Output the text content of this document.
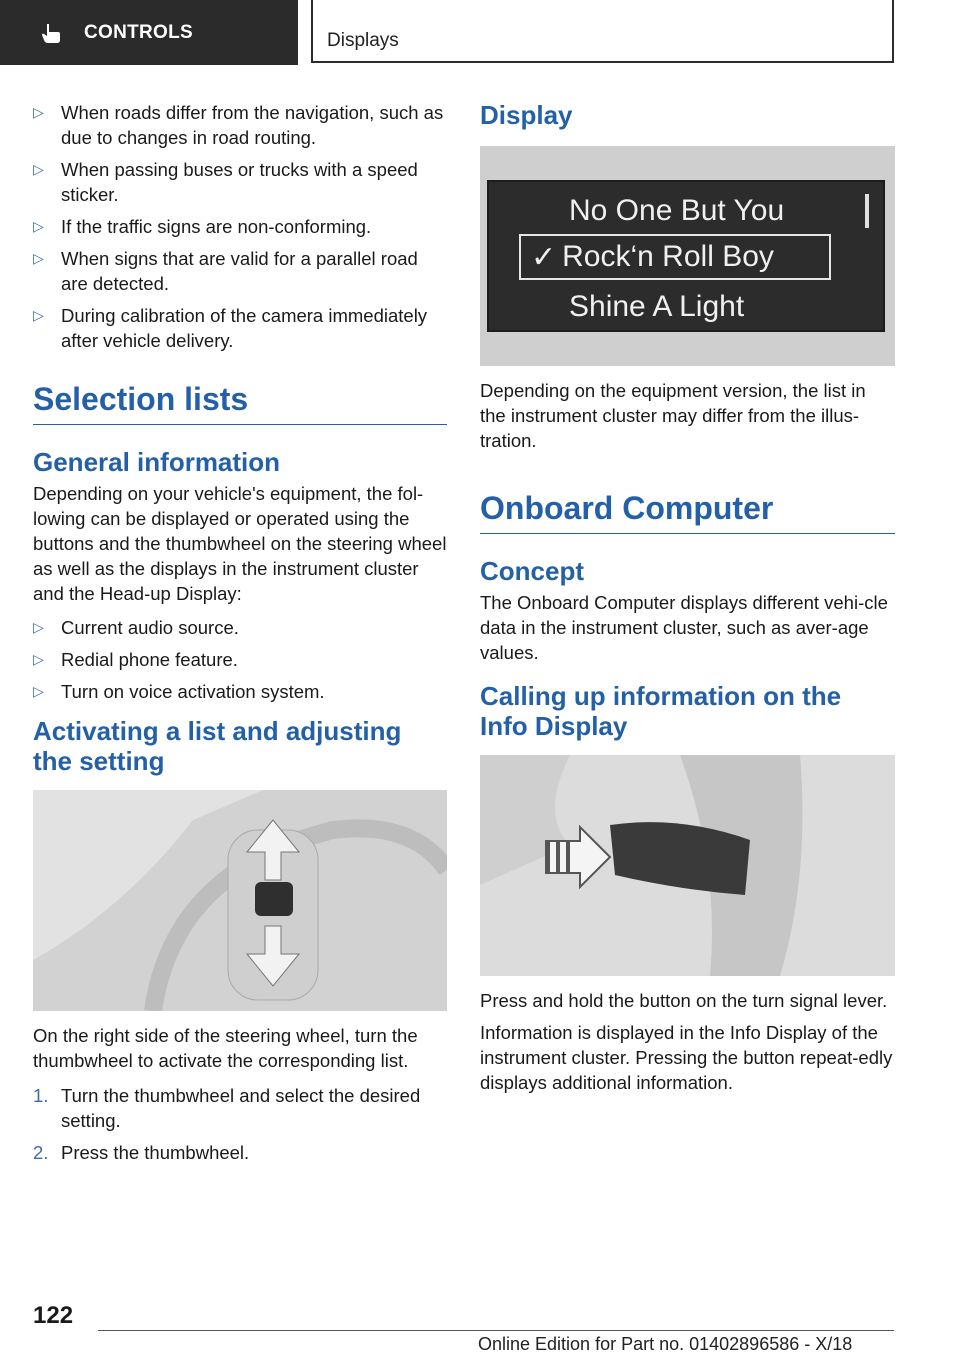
CONTROLS	Displays
▷ When roads differ from the navigation, such as due to changes in road routing.
▷ When passing buses or trucks with a speed sticker.
▷ If the traffic signs are non-conforming.
▷ When signs that are valid for a parallel road are detected.
▷ During calibration of the camera immediately after vehicle delivery.
Selection lists
General information

Depending on your vehicle's equipment, the fol-lowing can be displayed or operated using the buttons and the thumbwheel on the steering wheel as well as the displays in the instrument cluster and the Head-up Display:

▷ Current audio source.
▷ Redial phone feature.
▷ Turn on voice activation system.
Activating a list and adjusting the setting

On the right side of the steering wheel, turn the thumbwheel to activate the corresponding list.

1. Turn the thumbwheel and select the desired setting.
2. Press the thumbwheel.
Display
No One But You
✓ Rock‘n Roll Boy
Shine A Light

Depending on the equipment version, the list in the instrument cluster may differ from the illus-tration.

Onboard Computer
Concept

The Onboard Computer displays different vehi-cle data in the instrument cluster, such as aver-age values.

Calling up information on the Info Display

Press and hold the button on the turn signal lever.

Information is displayed in the Info Display of the instrument cluster. Pressing the button repeat-edly displays additional information.

122
Online Edition for Part no. 01402896586 - X/18
